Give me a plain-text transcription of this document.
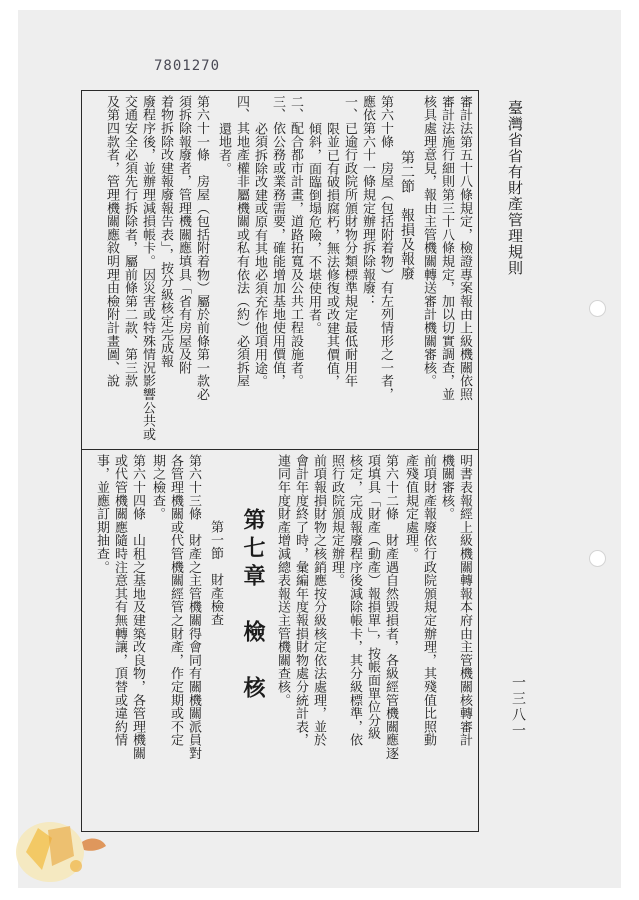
7801270
臺灣省省有財產管理規則
一三八一
審計法第五十八條規定，檢證專案報由上級機關依照
審計法施行細則第三十八條規定，加以切實調查，並
核具處理意見，報由主管機關轉送審計機關審核。
第二節　報損及報廢
第六十條　房屋（包括附着物）有左列情形之一者，
應依第六十一條規定辦理拆除報廢：
一、已逾行政院所頒財物分類標準規定最低耐用年
限並已有破損腐朽，無法修復或改建其價值，
傾斜，面臨倒塌危險，不堪使用者。
二、配合都市計畫，道路拓寬及公共工程設施者。
三、依公務或業務需要，確能增加基地使用價值，
必須拆除改建或原有其地必須充作他項用途。
四、其地產權非屬機關或私有依法（約）必須拆屋
還地者。
第六十一條　房屋（包括附着物）屬於前條第一款必
須拆除報廢者，管理機關應填具「省有房屋及附
着物拆除改建報廢報告表」，按分級核定完成報
廢程序後，並辦理減損帳卡。因災害或特殊情況影響公共或
交通安全必須先行拆除者，屬前條第二款、第三款
及第四款者，管理機關應敘明理由檢附計畫圖、說
明書表報經上級機關轉報本府由主管機關核轉審計
機關審核。
前項財產報廢依行政院頒規定辦理，其殘值比照動
產殘值規定處理。
第六十二條　財產遇自然毀損者，各級經管機關應逐
項填具「財產（動產）報損單」，按帳面單位分級
核定，完成報廢程序後減除帳卡，其分級標準，依
照行政院頒規定辦理。
前項報損財物之核銷應按分級核定依法處理，並於
會計年度終了時，彙編年度報損財物處分統計表，
連同年度財產增減總表報送主管機關查核。
第七章　檢　核
第一節　財產檢查
第六十三條　財產之主管機關得會同有關機關派員對
各管理機關或代管機關經管之財產，作定期或不定
期之檢查。
第六十四條　山租之基地及建築改良物，各管理機關
或代管機關應隨時注意其有無轉讓，頂替或違約情
事，並應訂期抽查。
